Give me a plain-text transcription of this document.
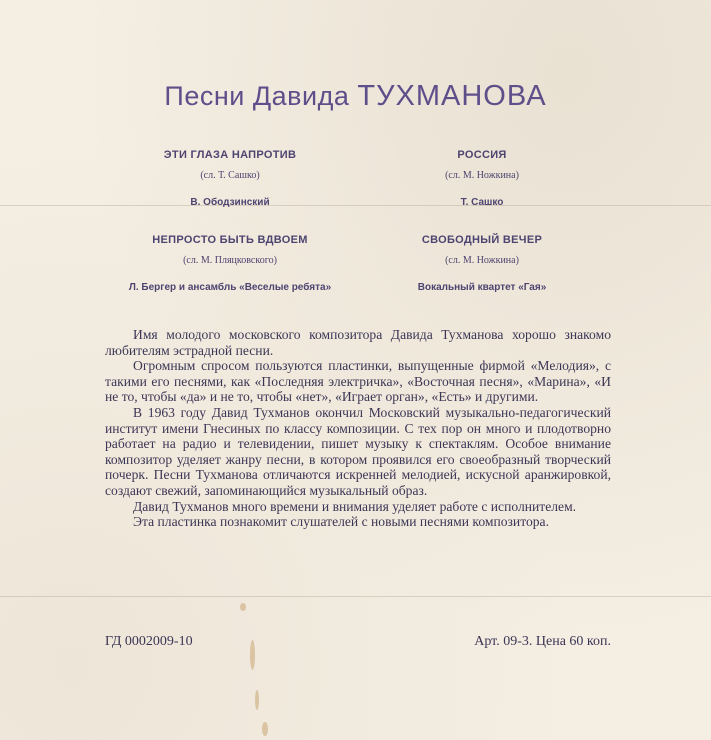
Песни Давида ТУХМАНОВА
ЭТИ ГЛАЗА НАПРОТИВ
(сл. Т. Сашко)
В. Ободзинский
РОССИЯ
(сл. М. Ножкина)
Т. Сашко
НЕПРОСТО БЫТЬ ВДВОЕМ
(сл. М. Пляцковского)
Л. Бергер и ансамбль «Веселые ребята»
СВОБОДНЫЙ ВЕЧЕР
(сл. М. Ножкина)
Вокальный квартет «Гая»

Имя молодого московского композитора Давида Тухманова хорошо знакомо любителям эстрадной песни.

Огромным спросом пользуются пластинки, выпущенные фирмой «Мелодия», с такими его песнями, как «Последняя электричка», «Восточная песня», «Марина», «И не то, чтобы «да» и не то, чтобы «нет», «Играет орган», «Есть» и другими.

В 1963 году Давид Тухманов окончил Московский музыкально-педагогический институт имени Гнесиных по классу композиции. С тех пор он много и плодотворно работает на радио и телевидении, пишет музыку к спектаклям. Особое внимание композитор уделяет жанру песни, в котором проявился его своеобразный творческий почерк. Песни Тухманова отличаются искренней мелодией, искусной аранжировкой, создают свежий, запоминающийся музыкальный образ.

Давид Тухманов много времени и внимания уделяет работе с исполнителем.

Эта пластинка познакомит слушателей с новыми песнями композитора.

ГД 0002009-10	Арт. 09-3. Цена 60 коп.
